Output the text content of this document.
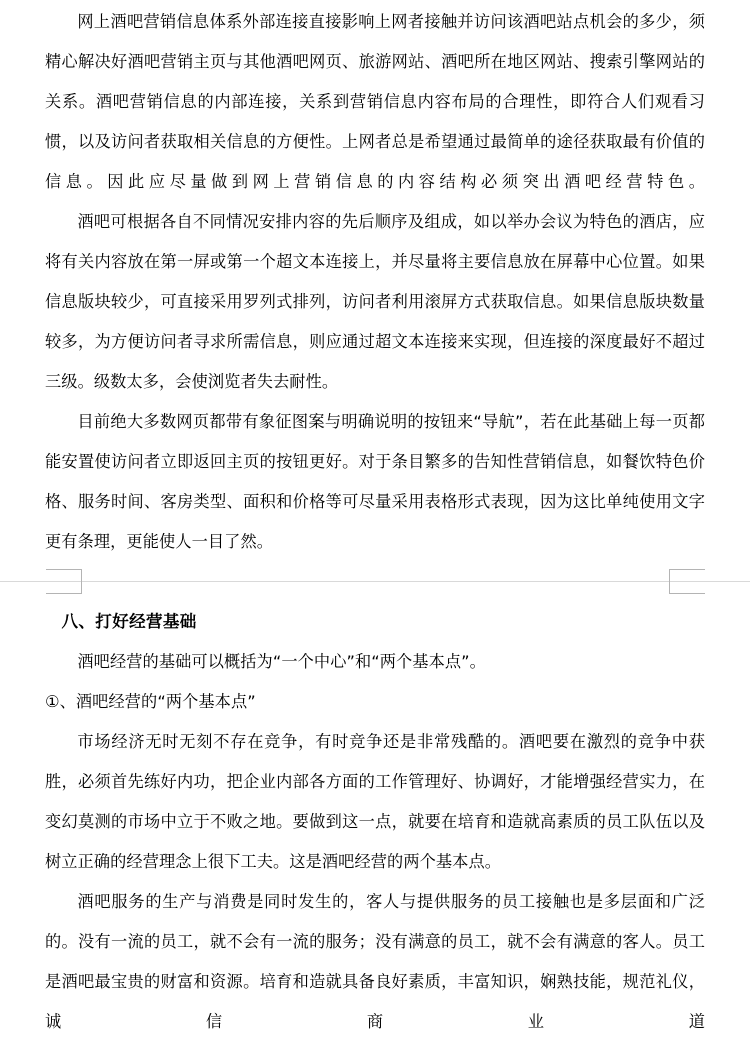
网上酒吧营销信息体系外部连接直接影响上网者接触并访问该酒吧站点机会的多少，须精心解决好酒吧营销主页与其他酒吧网页、旅游网站、酒吧所在地区网站、搜索引擎网站的关系。酒吧营销信息的内部连接，关系到营销信息内容布局的合理性，即符合人们观看习惯，以及访问者获取相关信息的方便性。上网者总是希望通过最简单的途径获取最有价值的信息。因此应尽量做到网上营销信息的内容结构必须突出酒吧经营特色。

酒吧可根据各自不同情况安排内容的先后顺序及组成，如以举办会议为特色的酒店，应将有关内容放在第一屏或第一个超文本连接上，并尽量将主要信息放在屏幕中心位置。如果信息版块较少，可直接采用罗列式排列，访问者利用滚屏方式获取信息。如果信息版块数量较多，为方便访问者寻求所需信息，则应通过超文本连接来实现，但连接的深度最好不超过三级。级数太多，会使浏览者失去耐性。

目前绝大多数网页都带有象征图案与明确说明的按钮来“导航”，若在此基础上每一页都能安置使访问者立即返回主页的按钮更好。对于条目繁多的告知性营销信息，如餐饮特色价格、服务时间、客房类型、面积和价格等可尽量采用表格形式表现，因为这比单纯使用文字更有条理，更能使人一目了然。

八、打好经营基础

酒吧经营的基础可以概括为“一个中心”和“两个基本点”。

①、酒吧经营的“两个基本点”

市场经济无时无刻不存在竞争，有时竞争还是非常残酷的。酒吧要在激烈的竞争中获胜，必须首先练好内功，把企业内部各方面的工作管理好、协调好，才能增强经营实力，在变幻莫测的市场中立于不败之地。要做到这一点，就要在培育和造就高素质的员工队伍以及树立正确的经营理念上很下工夫。这是酒吧经营的两个基本点。

酒吧服务的生产与消费是同时发生的，客人与提供服务的员工接触也是多层面和广泛的。没有一流的员工，就不会有一流的服务；没有满意的员工，就不会有满意的客人。员工是酒吧最宝贵的财富和资源。培育和造就具备良好素质，丰富知识，娴熟技能，规范礼仪，诚信商业道
